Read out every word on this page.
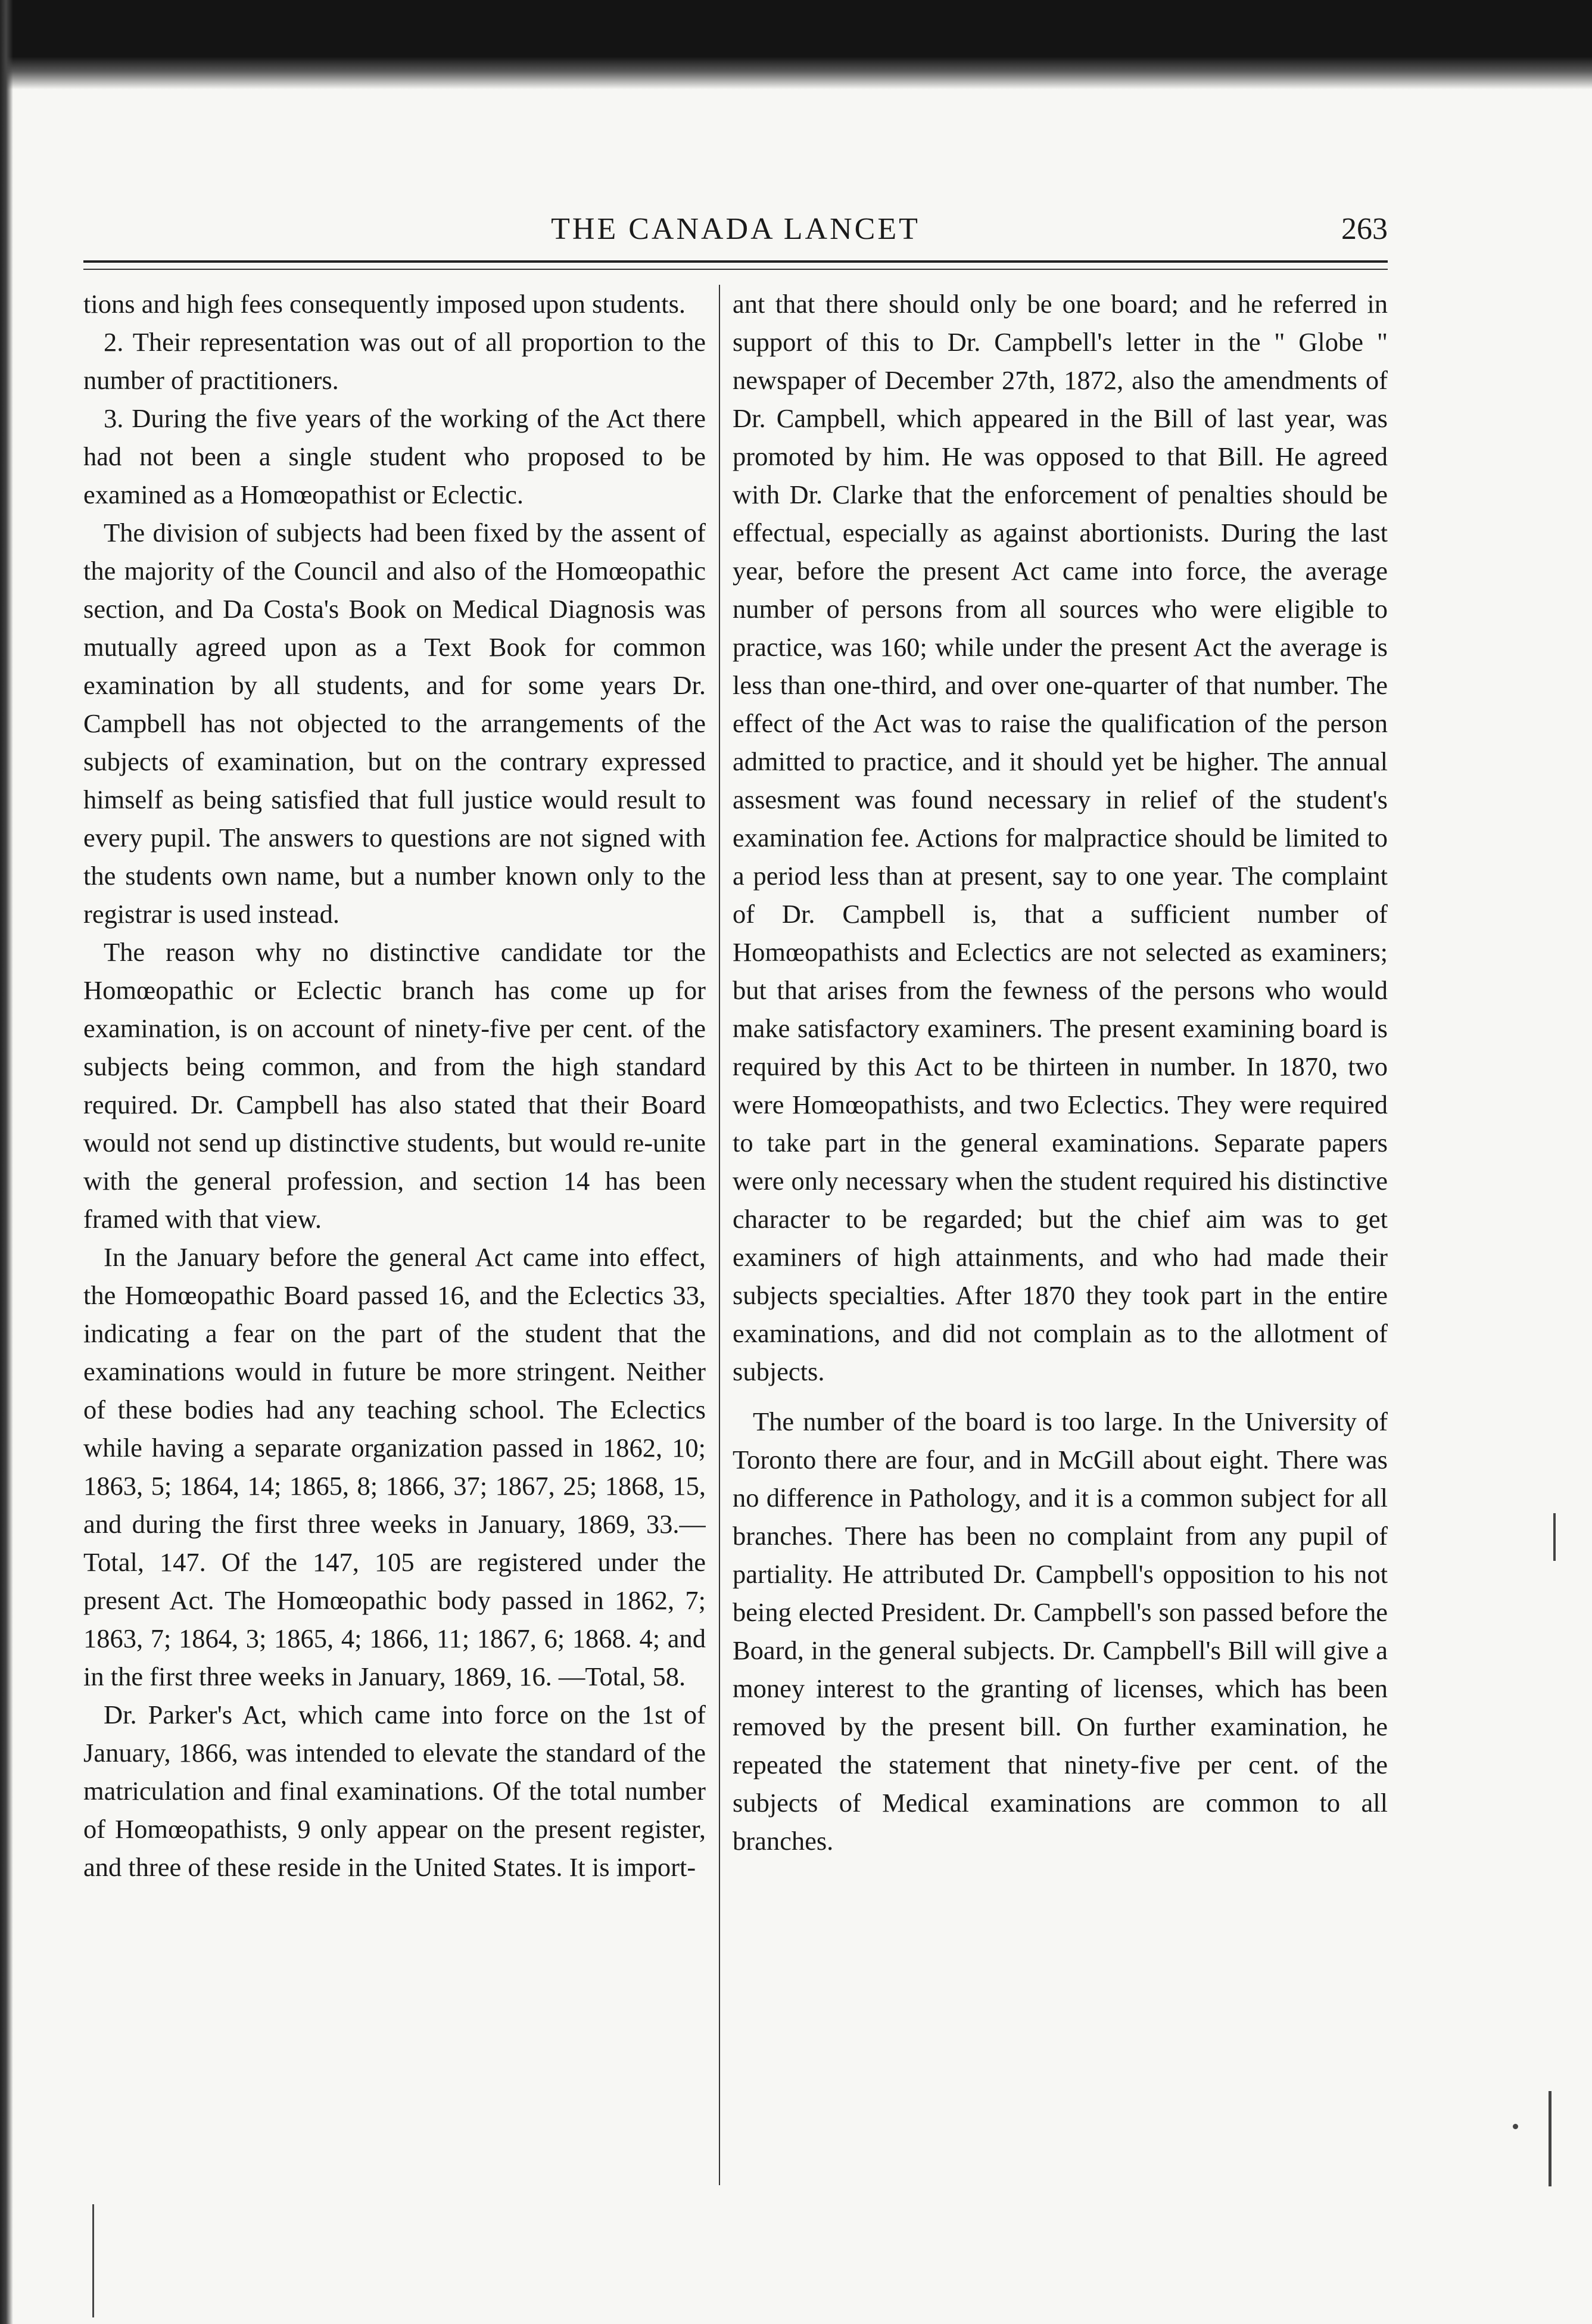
THE CANADA LANCET	263

tions and high fees consequently imposed upon students.

2. Their representation was out of all proportion to the number of practitioners.

3. During the five years of the working of the Act there had not been a single student who proposed to be examined as a Homœopathist or Eclectic.

The division of subjects had been fixed by the assent of the majority of the Council and also of the Homœopathic section, and Da Costa's Book on Medical Diagnosis was mutually agreed upon as a Text Book for common examination by all students, and for some years Dr. Campbell has not objected to the arrangements of the subjects of examination, but on the contrary expressed himself as being satisfied that full justice would result to every pupil. The answers to questions are not signed with the students own name, but a number known only to the registrar is used instead.

The reason why no distinctive candidate tor the Homœopathic or Eclectic branch has come up for examination, is on account of ninety-five per cent. of the subjects being common, and from the high standard required. Dr. Campbell has also stated that their Board would not send up distinctive students, but would re-unite with the general profession, and section 14 has been framed with that view.

In the January before the general Act came into effect, the Homœopathic Board passed 16, and the Eclectics 33, indicating a fear on the part of the student that the examinations would in future be more stringent. Neither of these bodies had any teaching school. The Eclectics while having a separate organization passed in 1862, 10; 1863, 5; 1864, 14; 1865, 8; 1866, 37; 1867, 25; 1868, 15, and during the first three weeks in January, 1869, 33.—Total, 147. Of the 147, 105 are registered under the present Act. The Homœopathic body passed in 1862, 7; 1863, 7; 1864, 3; 1865, 4; 1866, 11; 1867, 6; 1868. 4; and in the first three weeks in January, 1869, 16. —Total, 58.

Dr. Parker's Act, which came into force on the 1st of January, 1866, was intended to elevate the standard of the matriculation and final examinations. Of the total number of Homœopathists, 9 only appear on the present register, and three of these reside in the United States. It is import-

ant that there should only be one board; and he referred in support of this to Dr. Campbell's letter in the " Globe " newspaper of December 27th, 1872, also the amendments of Dr. Campbell, which appeared in the Bill of last year, was promoted by him. He was opposed to that Bill. He agreed with Dr. Clarke that the enforcement of penalties should be effectual, especially as against abortionists. During the last year, before the present Act came into force, the average number of persons from all sources who were eligible to practice, was 160; while under the present Act the average is less than one-third, and over one-quarter of that number. The effect of the Act was to raise the qualification of the person admitted to practice, and it should yet be higher. The annual assesment was found necessary in relief of the student's examination fee. Actions for malpractice should be limited to a period less than at present, say to one year. The complaint of Dr. Campbell is, that a sufficient number of Homœopathists and Eclectics are not selected as examiners; but that arises from the fewness of the persons who would make satisfactory examiners. The present examining board is required by this Act to be thirteen in number. In 1870, two were Homœopathists, and two Eclectics. They were required to take part in the general examinations. Separate papers were only necessary when the student required his distinctive character to be regarded; but the chief aim was to get examiners of high attainments, and who had made their subjects specialties. After 1870 they took part in the entire examinations, and did not complain as to the allotment of subjects.

The number of the board is too large. In the University of Toronto there are four, and in McGill about eight. There was no difference in Pathology, and it is a common subject for all branches. There has been no complaint from any pupil of partiality. He attributed Dr. Campbell's opposition to his not being elected President. Dr. Campbell's son passed before the Board, in the general subjects. Dr. Campbell's Bill will give a money interest to the granting of licenses, which has been removed by the present bill. On further examination, he repeated the statement that ninety-five per cent. of the subjects of Medical examinations are common to all branches.
